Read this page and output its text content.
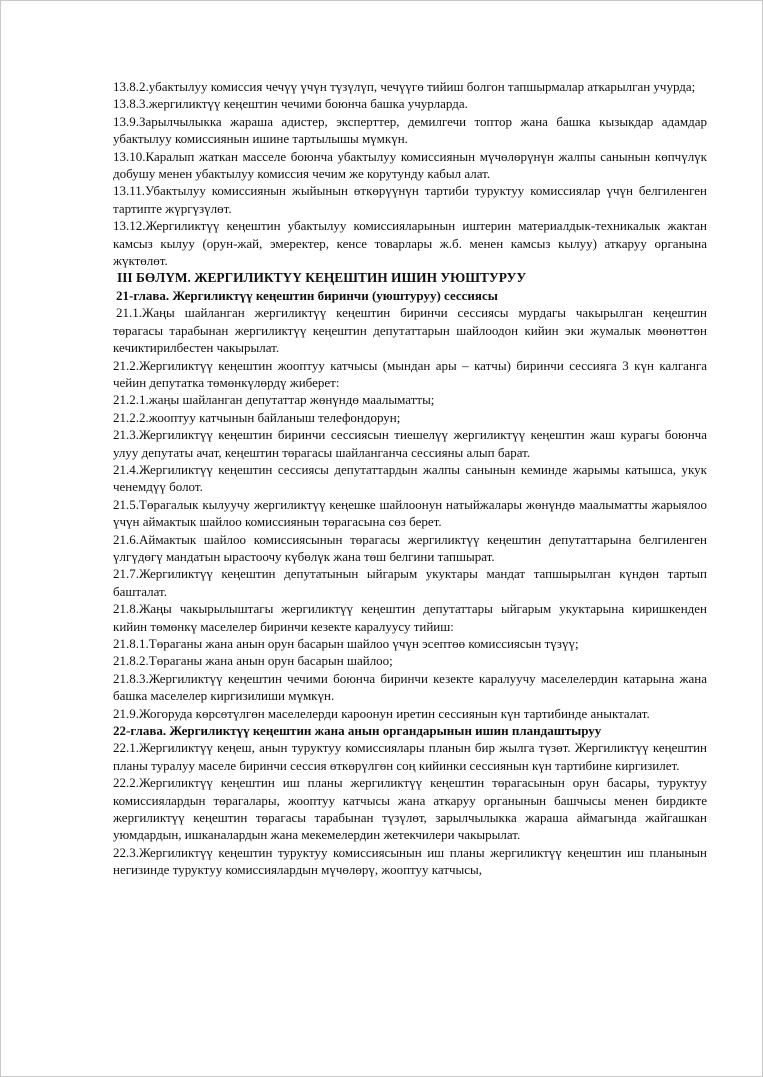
13.8.2.убактылуу комиссия чечүү үчүн түзүлүп, чечүүгө тийиш болгон тапшырмалар аткарылган учурда;

13.8.3.жергиликтүү кеңештин чечими боюнча башка учурларда.

13.9.Зарылчылыкка жараша адистер, эксперттер, демилгечи топтор жана башка кызыкдар адамдар убактылуу комиссиянын ишине тартылышы мүмкүн.

13.10.Каралып жаткан масселе боюнча убактылуу комиссиянын мүчөлөрүнүн жалпы санынын көпчүлүк добушу менен убактылуу комиссия чечим же корутунду кабыл алат.

13.11.Убактылуу комиссиянын жыйынын өткөрүүнүн тартиби туруктуу комиссиялар үчүн белгиленген тартипте жүргүзүлөт.

13.12.Жергиликтүү кеңештин убактылуу комиссияларынын иштерин материалдык-техникалык жактан камсыз кылуу (орун-жай, эмеректер, кенсе товарлары ж.б. менен камсыз кылуу) аткаруу органына жүктөлөт.

III БӨЛҮМ. ЖЕРГИЛИКТҮҮ КЕҢЕШТИН ИШИН УЮШТУРУУ

21-глава. Жергиликтүү кеңештин биринчи (уюштуруу) сессиясы

21.1.Жаңы шайланган жергиликтүү кеңештин биринчи сессиясы мурдагы чакырылган кеңештин төрагасы тарабынан жергиликтүү кеңештин депутаттарын шайлоодон кийин эки жумалык мөөнөттөн кечиктирилбестен чакырылат.

21.2.Жергиликтүү кеңештин жооптуу катчысы (мындан ары – катчы) биринчи сессияга 3 күн калганга чейин депутатка төмөнкүлөрдү жиберет:

21.2.1.жаңы шайланган депутаттар жөнүндө маалыматты;

21.2.2.жооптуу катчынын байланыш телефондорун;

21.3.Жергиликтүү кеңештин биринчи сессиясын тиешелүү жергиликтүү кеңештин жаш курагы боюнча улуу депутаты ачат, кеңештин төрагасы шайланганча сессияны алып барат.

21.4.Жергиликтүү кеңештин сессиясы депутаттардын жалпы санынын кеминде жарымы катышса, укук ченемдүү болот.

21.5.Төрагалык кылуучу жергиликтүү кеңешке шайлоонун натыйжалары жөнүндө маалыматты жарыялоо үчүн аймактык шайлоо комиссиянын төрагасына сөз берет.

21.6.Аймактык шайлоо комиссиясынын төрагасы жергиликтүү кеңештин депутаттарына белгиленген үлгүдөгү мандатын ырастоочу күбөлүк жана төш белгини тапшырат.

21.7.Жергиликтүү кеңештин депутатынын ыйгарым укуктары мандат тапшырылган күндөн тартып башталат.

21.8.Жаңы чакырылыштагы жергиликтүү кеңештин депутаттары ыйгарым укуктарына киришкенден кийин төмөнкү маселелер биринчи кезекте каралуусу тийиш:

21.8.1.Төраганы жана анын орун басарын шайлоо үчүн эсептөө комиссиясын түзүү;

21.8.2.Төраганы жана анын орун басарын шайлоо;

21.8.3.Жергиликтүү кеңештин чечими боюнча биринчи кезекте каралуучу маселелердин катарына жана башка маселелер киргизилиши мүмкүн.

21.9.Жогоруда көрсөтүлгөн маселелерди кароонун иретин сессиянын күн тартибинде аныкталат.

22-глава. Жергиликтүү кеңештин жана анын органдарынын ишин пландаштыруу

22.1.Жергиликтүү кеңеш, анын туруктуу комиссиялары планын бир жылга түзөт. Жергиликтүү кеңештин планы туралуу маселе биринчи сессия өткөрүлгөн соң кийинки сессиянын күн тартибине киргизилет.

22.2.Жергиликтүү кеңештин иш планы жергиликтүү кеңештин төрагасынын орун басары, туруктуу комиссиялардын төрагалары, жооптуу катчысы жана аткаруу органынын башчысы менен бирдикте жергиликтүү кеңештин төрагасы тарабынан түзүлөт, зарылчылыкка жараша аймагында жайгашкан уюмдардын, ишканалардын жана мекемелердин жетекчилери чакырылат.

22.3.Жергиликтүү кеңештин туруктуу комиссиясынын иш планы жергиликтүү кеңештин иш планынын негизинде туруктуу комиссиялардын мүчөлөрү, жооптуу катчысы,
